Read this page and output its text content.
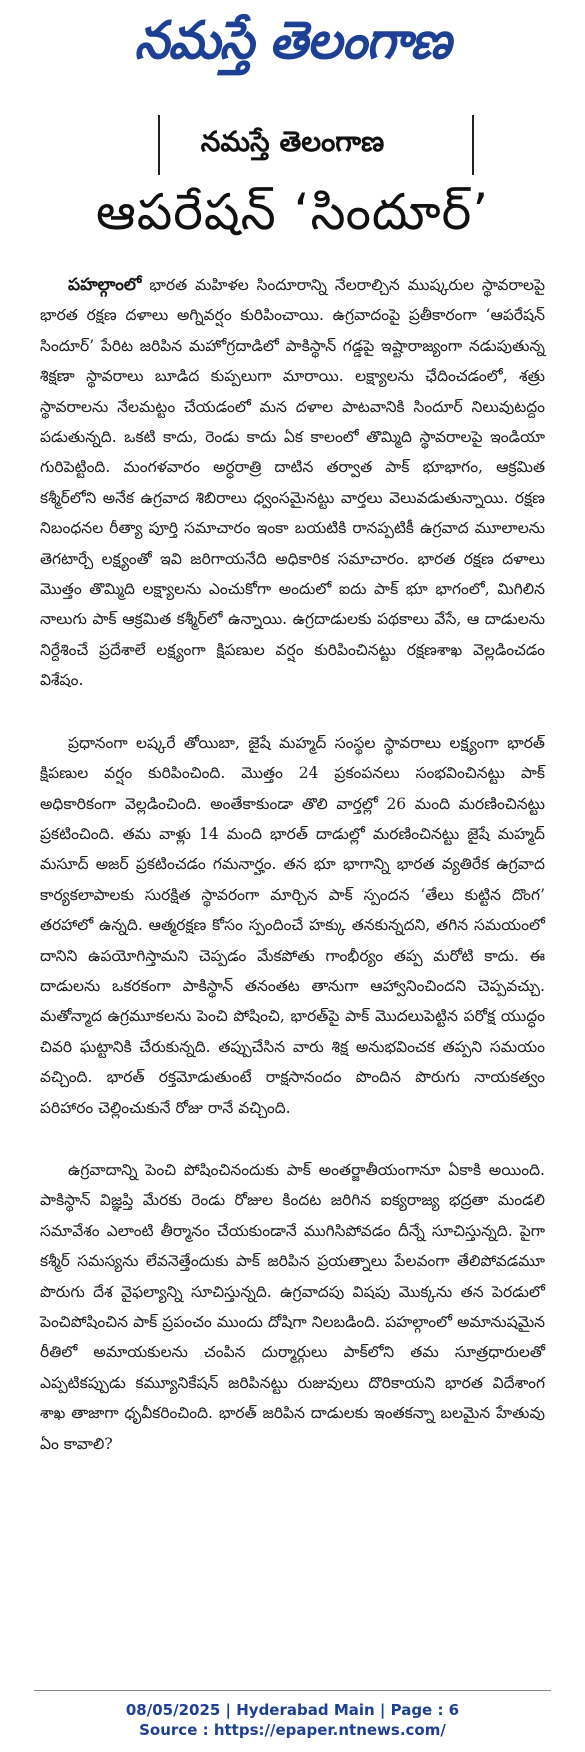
నమస్తే తెలంగాణ
నమస్తే తెలంగాణ
ఆపరేషన్ ‘సిందూర్’

పహల్గాంలో భారత మహిళల సిందూరాన్ని నేలరాల్చిన ముష్కరుల స్థావరాలపై భారత రక్షణ దళాలు అగ్నివర్షం కురిపించాయి. ఉగ్రవాదంపై ప్రతీకారంగా ‘ఆపరేషన్ సిందూర్’ పేరిట జరిపిన మహోగ్రదాడిలో పాకిస్థాన్ గడ్డపై ఇష్టారాజ్యంగా నడుపుతున్న శిక్షణా స్థావరాలు బూడిద కుప్పలుగా మారాయి. లక్ష్యాలను ఛేదించడంలో, శత్రు స్థావరాలను నేలమట్టం చేయడంలో మన దళాల పాటవానికి సిందూర్ నిలువుటద్దం పడుతున్నది. ఒకటి కాదు, రెండు కాదు ఏక కాలంలో తొమ్మిది స్థావరాలపై ఇండియా గురిపెట్టింది. మంగళవారం అర్ధరాత్రి దాటిన తర్వాత పాక్ భూభాగం, ఆక్రమిత కశ్మీర్‌లోని అనేక ఉగ్రవాద శిబిరాలు ధ్వంసమైనట్టు వార్తలు వెలువడుతున్నాయి. రక్షణ నిబంధనల రీత్యా పూర్తి సమాచారం ఇంకా బయటికి రానప్పటికీ ఉగ్రవాద మూలాలను తెగటార్చే లక్ష్యంతో ఇవి జరిగాయనేది అధికారిక సమాచారం. భారత రక్షణ దళాలు మొత్తం తొమ్మిది లక్ష్యాలను ఎంచుకోగా అందులో ఐదు పాక్ భూ భాగంలో, మిగిలిన నాలుగు పాక్ ఆక్రమిత కశ్మీర్‌లో ఉన్నాయి. ఉగ్రదాడులకు పథకాలు వేసే, ఆ దాడులను నిర్దేశించే ప్రదేశాలే లక్ష్యంగా క్షిపణుల వర్షం కురిపించినట్టు రక్షణశాఖ వెల్లడించడం విశేషం.

ప్రధానంగా లష్కరే తోయిబా, జైషే మహ్మద్ సంస్థల స్థావరాలు లక్ష్యంగా భారత్ క్షిపణుల వర్షం కురిపించింది. మొత్తం 24 ప్రకంపనలు సంభవించినట్టు పాక్ అధికారికంగా వెల్లడించింది. అంతేకాకుండా తొలి వార్తల్లో 26 మంది మరణించినట్టు ప్రకటించింది. తమ వాళ్లు 14 మంది భారత్ దాడుల్లో మరణించినట్టు జైషే మహ్మద్ మసూద్ అజర్ ప్రకటించడం గమనార్హం. తన భూ భాగాన్ని భారత వ్యతిరేక ఉగ్రవాద కార్యకలాపాలకు సురక్షిత స్థావరంగా మార్చిన పాక్ స్పందన ‘తేలు కుట్టిన దొంగ’ తరహాలో ఉన్నది. ఆత్మరక్షణ కోసం స్పందించే హక్కు తనకున్నదని, తగిన సమయంలో దానిని ఉపయోగిస్తామని చెప్పడం మేకపోతు గాంభీర్యం తప్ప మరోటి కాదు. ఈ దాడులను ఒకరకంగా పాకిస్థాన్ తనంతట తానుగా ఆహ్వానించిందని చెప్పవచ్చు. మతోన్మాద ఉగ్రమూకలను పెంచి పోషించి, భారత్‌పై పాక్ మొదలుపెట్టిన పరోక్ష యుద్ధం చివరి ఘట్టానికి చేరుకున్నది. తప్పుచేసిన వారు శిక్ష అనుభవించక తప్పని సమయం వచ్చింది. భారత్ రక్తమోడుతుంటే రాక్షసానందం పొందిన పొరుగు నాయకత్వం పరిహారం చెల్లించుకునే రోజు రానే వచ్చింది.

ఉగ్రవాదాన్ని పెంచి పోషించినందుకు పాక్ అంతర్జాతీయంగానూ ఏకాకి అయింది. పాకిస్థాన్ విజ్ఞప్తి మేరకు రెండు రోజుల కిందట జరిగిన ఐక్యరాజ్య భద్రతా మండలి సమావేశం ఎలాంటి తీర్మానం చేయకుండానే ముగిసిపోవడం దీన్నే సూచిస్తున్నది. పైగా కశ్మీర్ సమస్యను లేవనెత్తేందుకు పాక్ జరిపిన ప్రయత్నాలు పేలవంగా తేలిపోవడమూ పొరుగు దేశ వైఫల్యాన్ని సూచిస్తున్నది. ఉగ్రవాదపు విషపు మొక్కను తన పెరడులో పెంచిపోషించిన పాక్ ప్రపంచం ముందు దోషిగా నిలబడింది. పహల్గాంలో అమానుషమైన రీతిలో అమాయకులను చంపిన దుర్మార్గులు పాక్‌లోని తమ సూత్రధారులతో ఎప్పటికప్పుడు కమ్యూనికేషన్ జరిపినట్టు రుజువులు దొరికాయని భారత విదేశాంగ శాఖ తాజాగా ధృవీకరించింది. భారత్ జరిపిన దాడులకు ఇంతకన్నా బలమైన హేతువు ఏం కావాలి?

08/05/2025 | Hyderabad Main | Page : 6
Source : https://epaper.ntnews.com/
